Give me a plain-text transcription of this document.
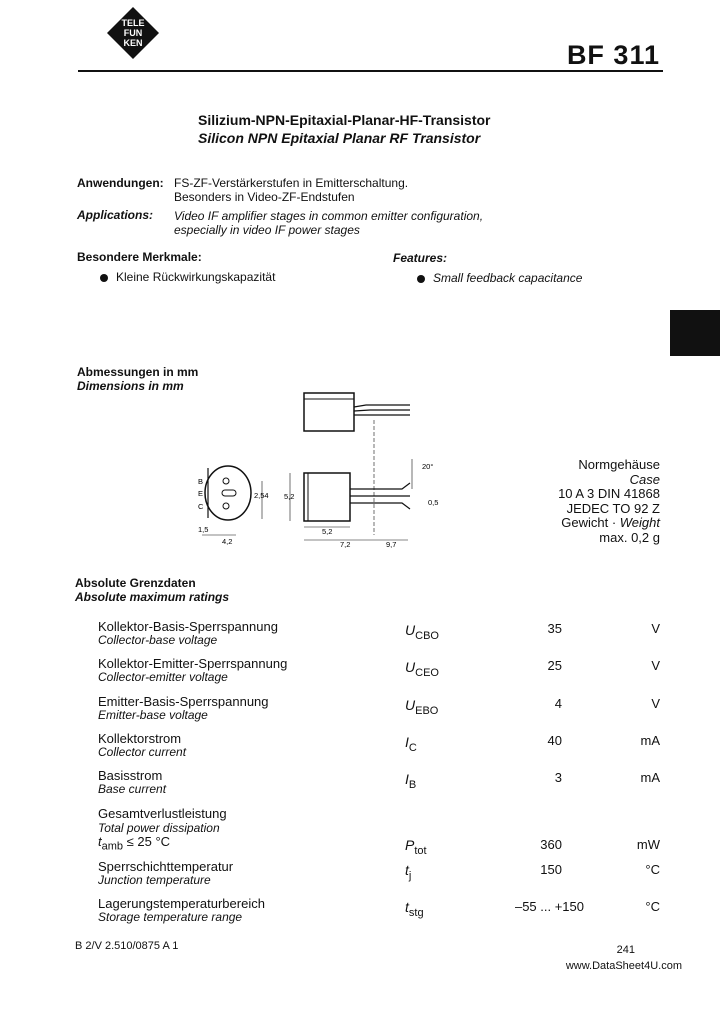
TELE
FUN
KEN	BF 311
Silizium-NPN-Epitaxial-Planar-HF-Transistor
Silicon NPN Epitaxial Planar RF Transistor
Anwendungen: FS-ZF-Verstärkerstufen in Emitterschaltung.
Besonders in Video-ZF-Endstufen
Applications: Video IF amplifier stages in common emitter configuration,
especially in video IF power stages
Besondere Merkmale:
Kleine Rückwirkungskapazität
Features:
Small feedback capacitance
Abmessungen in mm
Dimensions in mm
B
E
C
2,54
1,5
4,2
5,2
20°
0,5
5,2
7,2	9,7
Normgehäuse
Case
10 A 3 DIN 41868
JEDEC TO 92 Z
Gewicht · Weight
max. 0,2 g
Absolute Grenzdaten
Absolute maximum ratings
Kollektor-Basis-Sperrspannung
Collector-base voltage
$U_{CBO}$	35	V
Kollektor-Emitter-Sperrspannung
Collector-emitter voltage
$U_{CEO}$	25	V
Emitter-Basis-Sperrspannung
Emitter-base voltage
$U_{EBO}$	4	V
Kollektorstrom
Collector current
$I_C$	40	mA
Basisstrom
Base current
$I_B$	3	mA
Gesamtverlustleistung
Total power dissipation
$t_{amb} \le 25$ °C	$P_{tot}$	360	mW
Sperrschichttemperatur
Junction temperature
$t_j$	150	°C
Lagerungstemperaturbereich
Storage temperature range
$t_{stg}$	–55 ... +150	°C
B 2/V 2.510/0875 A 1	241
www.DataSheet4U.com
